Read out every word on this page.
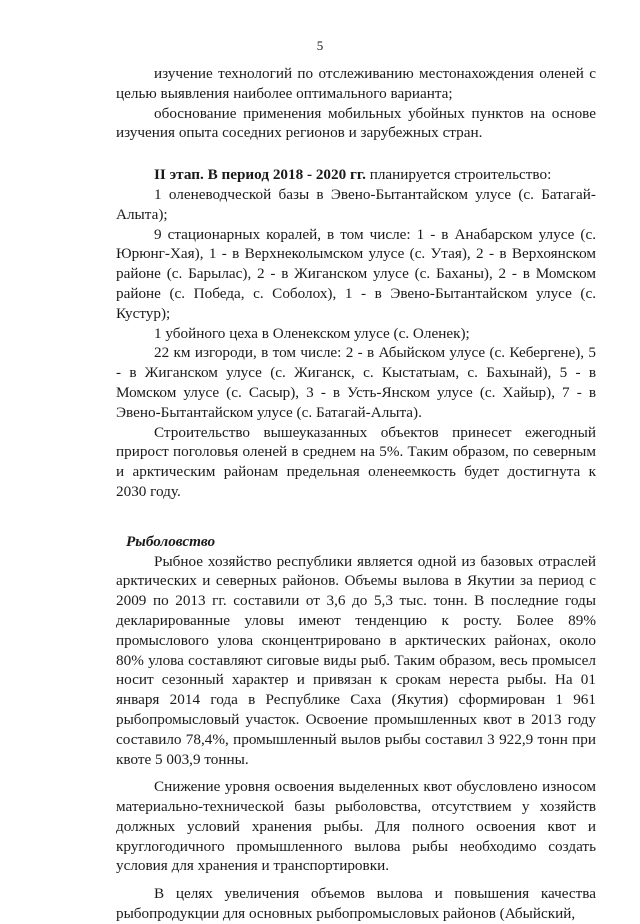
5

изучение технологий по отслеживанию местонахождения оленей с целью выявления наиболее оптимального варианта;

обоснование применения мобильных убойных пунктов на основе изучения опыта соседних регионов и зарубежных стран.

II этап. В период 2018 - 2020 гг. планируется строительство:

1 оленеводческой базы в Эвено-Бытантайском улусе (с. Батагай-Алыта);

9 стационарных коралей, в том числе: 1 - в Анабарском улусе (с. Юрюнг-Хая), 1 - в Верхнеколымском улусе (с. Утая), 2 - в Верхоянском районе (с. Барылас), 2 - в Жиганском улусе (с. Баханы), 2 - в Момском районе (с. Победа, с. Соболох), 1 - в Эвено-Бытантайском улусе (с. Кустур);

1 убойного цеха в Оленекском улусе (с. Оленек);

22 км изгороди, в том числе: 2 - в Абыйском улусе (с. Кебергене), 5 - в Жиганском улусе (с. Жиганск, с. Кыстатыам, с. Бахынай), 5 - в Момском улусе (с. Сасыр), 3 - в Усть-Янском улусе (с. Хайыр), 7 - в Эвено-Бытантайском улусе (с. Батагай-Алыта).

Строительство вышеуказанных объектов принесет ежегодный прирост поголовья оленей в среднем на 5%. Таким образом, по северным и арктическим районам предельная оленеемкость будет достигнута к 2030 году.

Рыболовство

Рыбное хозяйство республики является одной из базовых отраслей арктических и северных районов. Объемы вылова в Якутии за период с 2009 по 2013 гг. составили от 3,6 до 5,3 тыс. тонн. В последние годы декларированные уловы имеют тенденцию к росту. Более 89% промыслового улова сконцентрировано в арктических районах, около 80% улова составляют сиговые виды рыб. Таким образом, весь промысел носит сезонный характер и привязан к срокам нереста рыбы. На 01 января 2014 года в Республике Саха (Якутия) сформирован 1 961 рыбопромысловый участок. Освоение промышленных квот в 2013 году составило 78,4%, промышленный вылов рыбы составил 3 922,9 тонн при квоте 5 003,9 тонны.

Снижение уровня освоения выделенных квот обусловлено износом материально-технической базы рыболовства, отсутствием у хозяйств должных условий хранения рыбы. Для полного освоения квот и круглогодичного промышленного вылова рыбы необходимо создать условия для хранения и транспортировки.

В целях увеличения объемов вылова и повышения качества рыбопродукции для основных рыбопромысловых районов (Абыйский,
